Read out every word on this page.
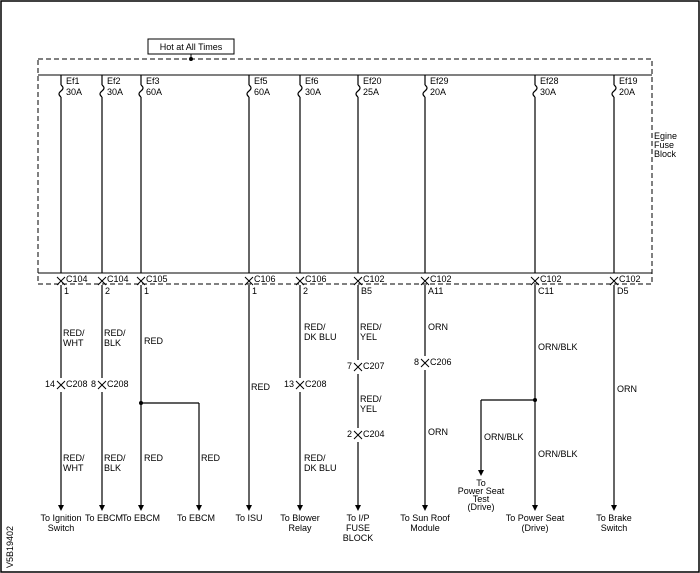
Hot at All Times
Egine
Fuse
Block
V5B19402
Ef1
30A
C104
1
Ef2
30A
C104
2
Ef3
60A
C105
1
Ef5
60A
C106
1
Ef6
30A
C106
2
Ef20
25A
C102
B5
Ef29
20A
C102
A11
Ef28
30A
C102
C11
Ef19
20A
C102
D5
RED/
WHT
14 C208
RED/
WHT
To Ignition
Switch
RED/
BLK
8 C208
RED/
BLK
To EBCM
RED
RED	RED
To EBCM To EBCM
RED
To ISU
RED/
DK BLU
13 C208
RED/
DK BLU
To Blower
Relay
RED/
YEL
7 C207
RED/
YEL
2 C204
To I/P
FUSE
BLOCK
ORN
8 C206
ORN
To Sun Roof
Module
ORN/BLK
ORN/BLK
ORN/BLK
To
Power Seat
Test
(Drive)
To Power Seat
(Drive)
ORN
To Brake
Switch
